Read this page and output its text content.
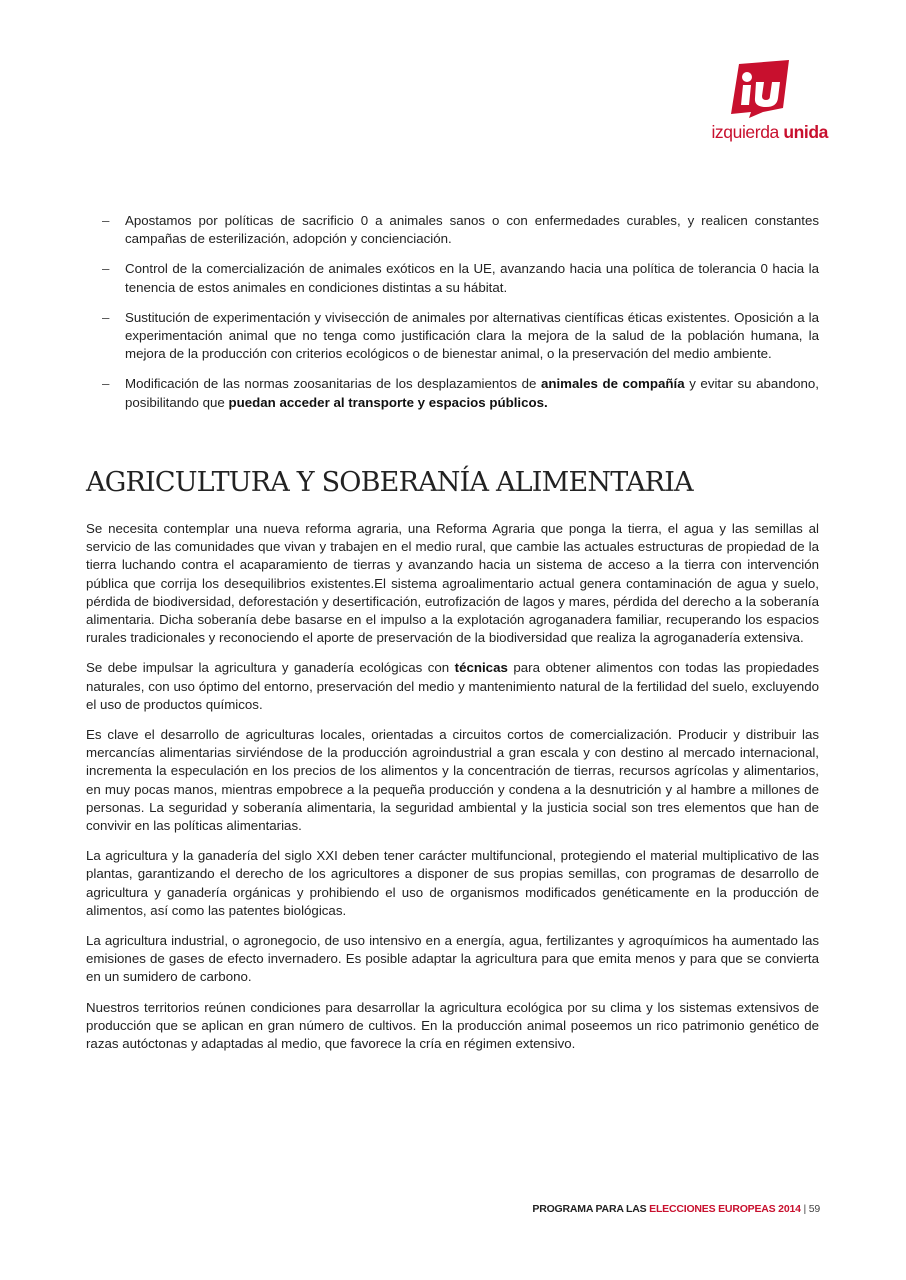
izquierda unida
– Apostamos por políticas de sacrificio 0 a animales sanos o con enfermedades curables, y realicen constantes campañas de esterilización, adopción y concienciación.
– Control de la comercialización de animales exóticos en la UE, avanzando hacia una política de tolerancia 0 hacia la tenencia de estos animales en condiciones distintas a su hábitat.
– Sustitución de experimentación y vivisección de animales por alternativas científicas éticas existentes. Oposición a la experimentación animal que no tenga como justificación clara la mejora de la salud de la población humana, la mejora de la producción con criterios ecológicos o de bienestar animal, o la preservación del medio ambiente.
– Modificación de las normas zoosanitarias de los desplazamientos de animales de compañía y evitar su abandono, posibilitando que puedan acceder al transporte y espacios públicos.
AGRICULTURA Y SOBERANÍA ALIMENTARIA

Se necesita contemplar una nueva reforma agraria, una Reforma Agraria que ponga la tierra, el agua y las semillas al servicio de las comunidades que vivan y trabajen en el medio rural, que cambie las actuales estructuras de propiedad de la tierra luchando contra el acaparamiento de tierras y avanzando hacia un sistema de acceso a la tierra con intervención pública que corrija los desequilibrios existentes.El sistema agroalimentario actual genera contaminación de agua y suelo, pérdida de biodiversidad, deforestación y desertificación, eutrofización de lagos y mares, pérdida del derecho a la soberanía alimentaria. Dicha soberanía debe basarse en el impulso a la explotación agroganadera familiar, recuperando los espacios rurales tradicionales y reconociendo el aporte de preservación de la biodiversidad que realiza la agroganadería extensiva.

Se debe impulsar la agricultura y ganadería ecológicas con técnicas para obtener alimentos con todas las propiedades naturales, con uso óptimo del entorno, preservación del medio y mantenimiento natural de la fertilidad del suelo, excluyendo el uso de productos químicos.

Es clave el desarrollo de agriculturas locales, orientadas a circuitos cortos de comercialización. Producir y distribuir las mercancías alimentarias sirviéndose de la producción agroindustrial a gran escala y con destino al mercado internacional, incrementa la especulación en los precios de los alimentos y la concentración de tierras, recursos agrícolas y alimentarios, en muy pocas manos, mientras empobrece a la pequeña producción y condena a la desnutrición y al hambre a millones de personas. La seguridad y soberanía alimentaria, la seguridad ambiental y la justicia social son tres elementos que han de convivir en las políticas alimentarias.

La agricultura y la ganadería del siglo XXI deben tener carácter multifuncional, protegiendo el material multiplicativo de las plantas, garantizando el derecho de los agricultores a disponer de sus propias semillas, con programas de desarrollo de agricultura y ganadería orgánicas y prohibiendo el uso de organismos modificados genéticamente en la producción de alimentos, así como las patentes biológicas.

La agricultura industrial, o agronegocio, de uso intensivo en a energía, agua, fertilizantes y agroquímicos ha aumentado las emisiones de gases de efecto invernadero. Es posible adaptar la agricultura para que emita menos y para que se convierta en un sumidero de carbono.

Nuestros territorios reúnen condiciones para desarrollar la agricultura ecológica por su clima y los sistemas extensivos de producción que se aplican en gran número de cultivos. En la producción animal poseemos un rico patrimonio genético de razas autóctonas y adaptadas al medio, que favorece la cría en régimen extensivo.

PROGRAMA PARA LAS ELECCIONES EUROPEAS 2014 | 59
